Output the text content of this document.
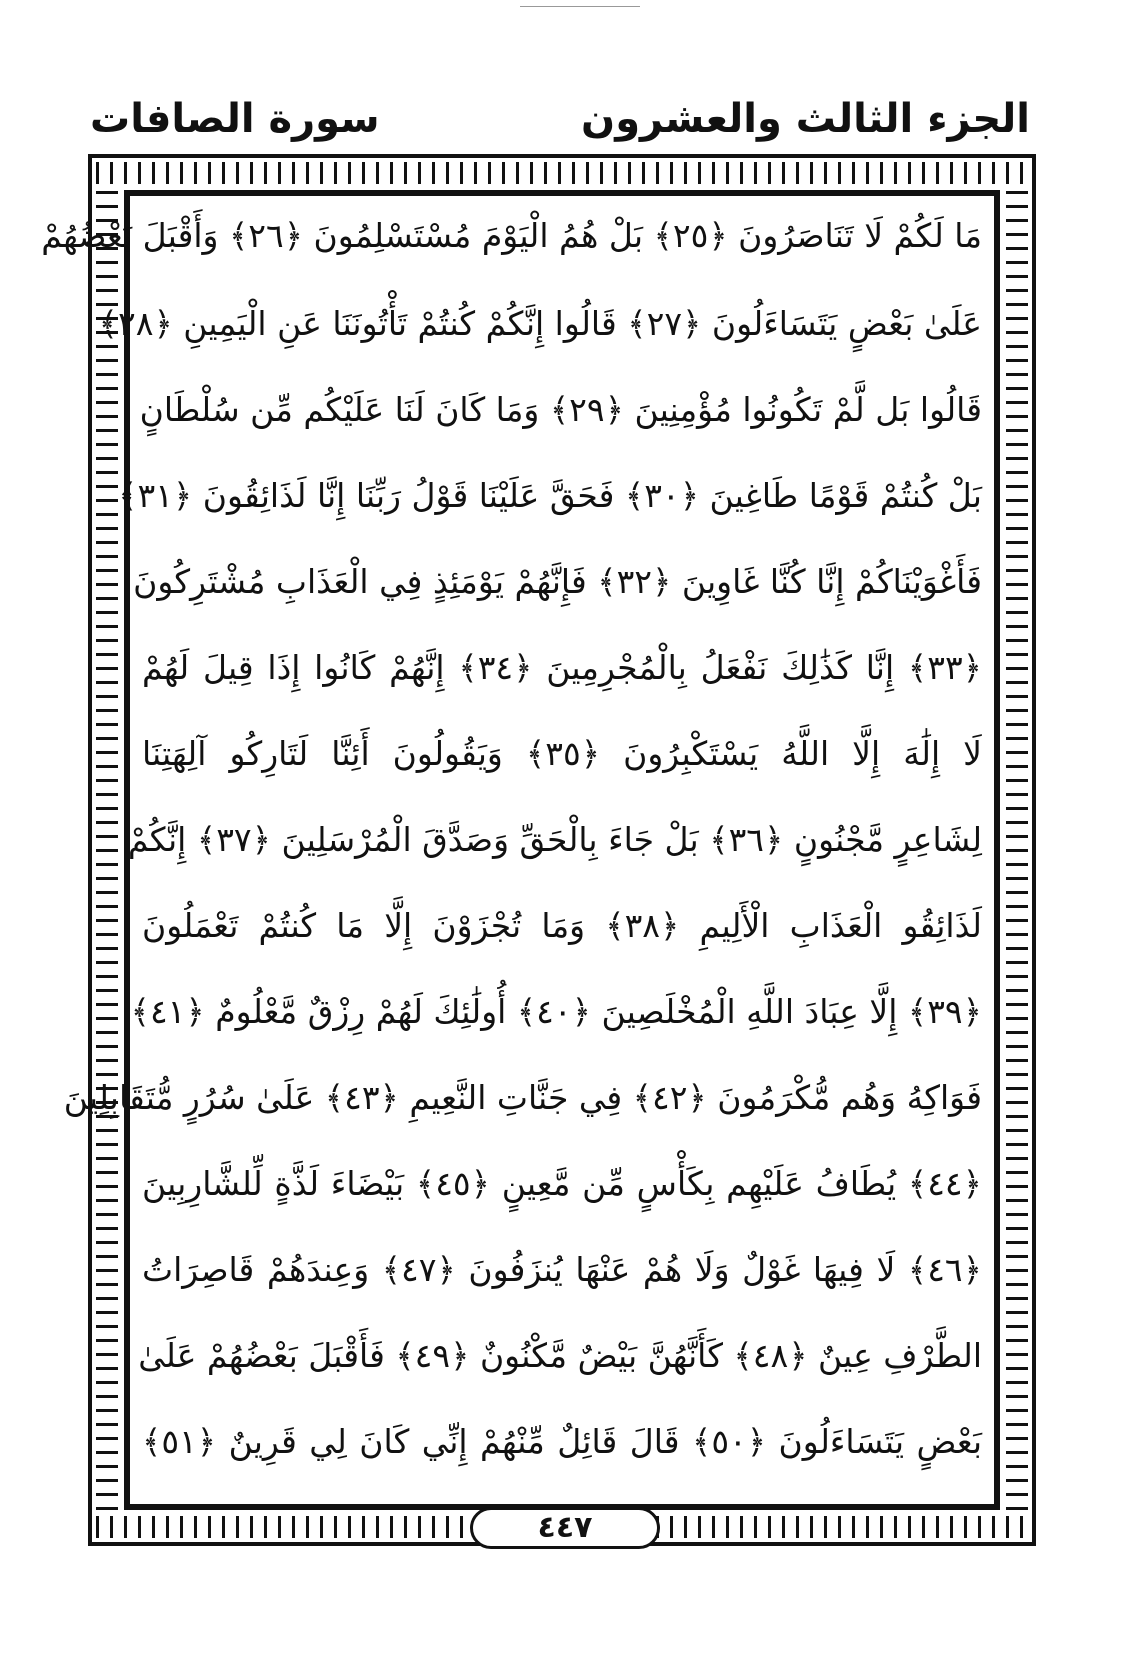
الجزء الثالث والعشرون
سورة الصافات
مَا لَكُمْ لَا تَنَاصَرُونَ ﴿٢٥﴾ بَلْ هُمُ الْيَوْمَ مُسْتَسْلِمُونَ ﴿٢٦﴾ وَأَقْبَلَ بَعْضُهُمْ
عَلَىٰ بَعْضٍ يَتَسَاءَلُونَ ﴿٢٧﴾ قَالُوا إِنَّكُمْ كُنتُمْ تَأْتُونَنَا عَنِ الْيَمِينِ ﴿٢٨﴾
قَالُوا بَل لَّمْ تَكُونُوا مُؤْمِنِينَ ﴿٢٩﴾ وَمَا كَانَ لَنَا عَلَيْكُم مِّن سُلْطَانٍ
بَلْ كُنتُمْ قَوْمًا طَاغِينَ ﴿٣٠﴾ فَحَقَّ عَلَيْنَا قَوْلُ رَبِّنَا إِنَّا لَذَائِقُونَ ﴿٣١﴾
فَأَغْوَيْنَاكُمْ إِنَّا كُنَّا غَاوِينَ ﴿٣٢﴾ فَإِنَّهُمْ يَوْمَئِذٍ فِي الْعَذَابِ مُشْتَرِكُونَ
﴿٣٣﴾ إِنَّا كَذَٰلِكَ نَفْعَلُ بِالْمُجْرِمِينَ ﴿٣٤﴾ إِنَّهُمْ كَانُوا إِذَا قِيلَ لَهُمْ
لَا إِلَٰهَ إِلَّا اللَّهُ يَسْتَكْبِرُونَ ﴿٣٥﴾ وَيَقُولُونَ أَئِنَّا لَتَارِكُو آلِهَتِنَا
لِشَاعِرٍ مَّجْنُونٍ ﴿٣٦﴾ بَلْ جَاءَ بِالْحَقِّ وَصَدَّقَ الْمُرْسَلِينَ ﴿٣٧﴾ إِنَّكُمْ
لَذَائِقُو الْعَذَابِ الْأَلِيمِ ﴿٣٨﴾ وَمَا تُجْزَوْنَ إِلَّا مَا كُنتُمْ تَعْمَلُونَ
﴿٣٩﴾ إِلَّا عِبَادَ اللَّهِ الْمُخْلَصِينَ ﴿٤٠﴾ أُولَٰئِكَ لَهُمْ رِزْقٌ مَّعْلُومٌ ﴿٤١﴾
فَوَاكِهُ وَهُم مُّكْرَمُونَ ﴿٤٢﴾ فِي جَنَّاتِ النَّعِيمِ ﴿٤٣﴾ عَلَىٰ سُرُرٍ مُّتَقَابِلِينَ
﴿٤٤﴾ يُطَافُ عَلَيْهِم بِكَأْسٍ مِّن مَّعِينٍ ﴿٤٥﴾ بَيْضَاءَ لَذَّةٍ لِّلشَّارِبِينَ
﴿٤٦﴾ لَا فِيهَا غَوْلٌ وَلَا هُمْ عَنْهَا يُنزَفُونَ ﴿٤٧﴾ وَعِندَهُمْ قَاصِرَاتُ
الطَّرْفِ عِينٌ ﴿٤٨﴾ كَأَنَّهُنَّ بَيْضٌ مَّكْنُونٌ ﴿٤٩﴾ فَأَقْبَلَ بَعْضُهُمْ عَلَىٰ
بَعْضٍ يَتَسَاءَلُونَ ﴿٥٠﴾ قَالَ قَائِلٌ مِّنْهُمْ إِنِّي كَانَ لِي قَرِينٌ ﴿٥١﴾
٤٤٧
